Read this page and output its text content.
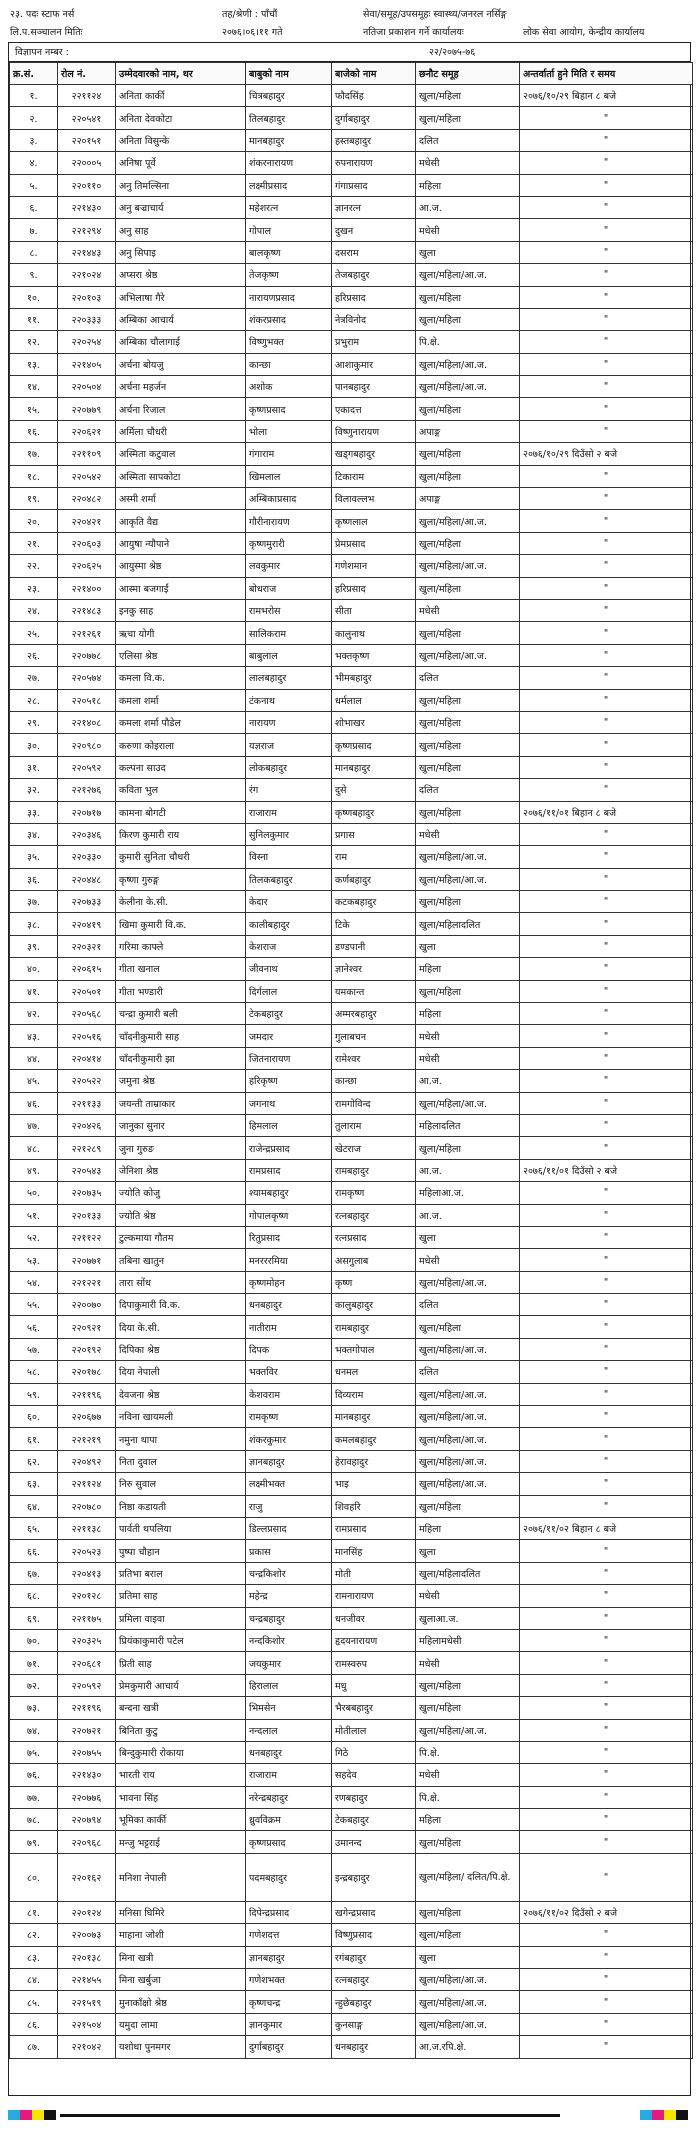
२३. पदः स्टाफ नर्स	तह/श्रेणी : पाँचौं	सेवा/समूह/उपसमूहः स्वास्थ्य/जनरल नर्सिङ्ग
लि.प.सञ्चालन मितिः	२०७६।०६।११ गते	नतिजा प्रकाशन गर्ने कार्यालयः	लोक सेवा आयोग, केन्द्रीय कार्यालय
विज्ञापन नम्बर :	२२/२०७५-७६
क्र.सं.	रोल नं.	उम्मेदवारको नाम, थर	बाबुको नाम	बाजेको नाम	छनौट समूह	अन्तर्वार्ता हुने मिति र समय
१.	२२११२४	अनिता कार्की	चित्रबहादुर	फौदसिंह	खुला/महिला	२०७६/१०/२९ बिहान ८ बजे
२.	२२०५४१	अनिता देवकोटा	तिलबहादुर	दुर्गाबहादुर	खुला/महिला	"
३.	२२०१५१	अनिता विसुन्के	मानबहादुर	हस्तबहादुर	दलित	"
४.	२२०००५	अनिषा पूर्वे	शंकरनारायण	रुपनारायण	मधेसी	"
५.	२२०११०	अनु तिमल्सिना	लक्ष्मीप्रसाद	गंगाप्रसाद	महिला	"
६.	२२१४३०	अनु बज्राचार्य	महेशरत्न	ज्ञानरत्न	आ.ज.	"
७.	२२१२९४	अनु साह	गोपाल	दुखन	मधेसी	"
८.	२२१४४३	अनु सिपाइ	बालकृष्ण	दसराम	खुला	"
९.	२२१०२४	अप्सरा श्रेष्ठ	तेजकृष्ण	तेजबहादुर	खुला/महिला/आ.ज.	"
१०.	२२०१०३	अभिलाषा गैरे	नारायणप्रसाद	हरिप्रसाद	खुला/महिला	"
११.	२२०३३३	अम्बिका आचार्य	शंकरप्रसाद	नेत्रविनोद	खुला/महिला	"
१२.	२२०२५४	अम्बिका चौलागाई	विष्णुभक्त	प्रभुराम	पि.क्षे.	"
१३.	२२१४०५	अर्चना बोयजु	कान्छा	आशाकुमार	खुला/महिला/आ.ज.	"
१४.	२२०५०४	अर्चना महर्जन	अशोक	पानबहादुर	खुला/महिला/आ.ज.	"
१५.	२२०७७९	अर्चना रिजाल	कृष्णप्रसाद	एकादत्त	खुला/महिला	"
१६.	२२०६२१	अर्मिला चौधरी	भोला	विष्णुनारायण	अपाङ्ग	"
१७.	२२११०९	अस्मिता कटुवाल	गंगाराम	खड्गबहादुर	खुला/महिला	२०७६/१०/२९ दिउँसो २ बजे
१८.	२२०५४२	अस्मिता सापकोटा	खिमलाल	टिकाराम	खुला/महिला	"
१९.	२२०४८२	अस्मी शर्मा	अम्बिकाप्रसाद	विलावल्लभ	अपाङ्ग	"
२०.	२२०४२१	आकृति वैद्य	गौरीनारायण	कृष्णलाल	खुला/महिला/आ.ज.	"
२१.	२२०६०३	आयुषा न्यौपाने	कृष्णमुरारी	प्रेमप्रसाद	खुला/महिला	"
२२.	२२०६२५	आयुस्मा श्रेष्ठ	लवकुमार	गणेशमान	खुला/महिला/आ.ज.	"
२३.	२२१४००	आस्मा बजगाईं	बोधराज	हरिप्रसाद	खुला/महिला	"
२४.	२२१४८३	इनकु साह	रामभरोस	सीता	मधेसी	"
२५.	२२१२६१	ऋचा योगी	सालिकराम	कालुनाथ	खुला/महिला	"
२६.	२२०७७८	एलिसा श्रेष्ठ	बाबुलाल	भक्तकृष्ण	खुला/महिला/आ.ज.	"
२७.	२२०५७४	कमला वि.क.	लालबहादुर	भीमबहादुर	दलित	"
२८.	२२०५१८	कमला शर्मा	टंकनाथ	धर्मलाल	खुला/महिला	"
२९.	२२१४०८	कमला शर्मा पौडेल	नारायण	शोभाखर	खुला/महिला	"
३०.	२२०९८०	करुणा कोइराला	यज्ञराज	कृष्णप्रसाद	खुला/महिला	"
३१.	२२०५९२	कल्पना साउद	लोकबहादुर	मानबहादुर	खुला/महिला	"
३२.	२२१२७६	कविता भुल	रंग	दुसे	दलित	"
३३.	२२०७१७	कामना बोगटी	राजाराम	कृष्णबहादुर	खुला/महिला	२०७६/११/०१ बिहान ८ बजे
३४.	२२०३४६	किरण कुमारी राय	सुनिलकुमार	प्रगास	मधेसी	"
३५.	२२०३३०	कुमारी सुनिता चौधरी	विस्ना	राम	खुला/महिला/आ.ज.	"
३६.	२२०४४८	कृष्णा गुरुङ्ग	तिलकबहादुर	कर्णबहादुर	खुला/महिला/आ.ज.	"
३७.	२२०७३३	केलीना के.सी.	केदार	कटकबहादुर	खुला/महिला	"
३८.	२२०४१९	खिमा कुमारी वि.क.	कालीबहादुर	टिके	खुला/महिलादलित	"
३९.	२२०३२१	गरिमा काफ्ले	केशराज	डण्डपानी	खुला	"
४०.	२२०६१५	गीता खनाल	जीवनाथ	ज्ञानेश्वर	महिला	"
४१.	२२०५०१	गीता भण्डारी	दिर्गलाल	यमकान्त	खुला/महिला	"
४२.	२२०५६८	चन्द्रा कुमारी बली	टेकबहादुर	अम्मरबहादुर	महिला	"
४३.	२२०५१६	चाँदनीकुमारी साह	जमदार	गुलाबचन	मधेसी	"
४४.	२२०४१४	चाँदनीकुमारी झा	जितनारायण	रामेश्वर	मधेसी	"
४५.	२२०५२२	जमुना श्रेष्ठ	हरिकृष्ण	कान्छा	आ.ज.	"
४६.	२२११३३	जयन्ती ताम्राकार	जगनाथ	रामगोविन्द	खुला/महिला/आ.ज.	"
४७.	२२०४२६	जानुका सुनार	हिमलाल	तुलाराम	महिलादलित	"
४८.	२२१२८९	जुना गुरुङ	राजेन्द्रप्रसाद	खेटराज	खुला/महिला	"
४९.	२२०५४३	जेनिशा श्रेष्ठ	रामप्रसाद	रामबहादुर	आ.ज.	२०७६/११/०१ दिउँसो २ बजे
५०.	२२०७३५	ज्योति कोजु	श्यामबहादुर	रामकृष्ण	महिलाआ.ज.	"
५१.	२२०१३३	ज्योति श्रेष्ठ	गोपालकृष्ण	रत्नबहादुर	आ.ज.	"
५२.	२२११२२	टुल्कमाया गौतम	रितुप्रसाद	रत्नप्रसाद	खुला	"
५३.	२२०७७१	तबिना खातुन	मनरररमिया	असगुलाब	मधेसी	"
५४.	२२१२२१	तारा सोंध	कृष्णमोहन	कृष्ण	खुला/महिला/आ.ज.	"
५५.	२२००७०	दिपाकुमारी वि.क.	धनबहादुर	कालुबहादुर	दलित	"
५६.	२२०९२१	दिया के.सी.	नातीराम	रामबहादुर	खुला/महिला	"
५७.	२२०१९२	दिपिका श्रेष्ठ	दिपक	भक्तगोपाल	खुला/महिला/आ.ज.	"
५८.	२२०१७८	दिया नेपाली	भक्तविर	धनमल	दलित	"
५९.	२२११९६	देवजना श्रेष्ठ	केशवराम	दिव्यराम	खुला/महिला/आ.ज.	"
६०.	२२०६७७	नविना खायमली	रामकृष्ण	मानबहादुर	खुला/महिला/आ.ज.	"
६१.	२२१२१९	नमुना थापा	शंकरकुमार	कमलबहादुर	खुला/महिला/आ.ज.	"
६२.	२२०४९२	निता दुवाल	ज्ञानबहादुर	हेरावहादुर	खुला/महिला/आ.ज.	"
६३.	२२११२४	निरु सुवाल	लक्ष्मीभक्त	भाइ	खुला/महिला/आ.ज.	"
६४.	२२०७८०	निष्ठा कडायती	राजु	शिवहरि	खुला/महिला	"
६५.	२२११३८	पार्वती थपलिया	डिल्लप्रसाद	रामप्रसाद	महिला	२०७६/११/०२ बिहान ८ बजे
६६.	२२०५२३	पुष्पा चौहान	प्रकास	मानसिंह	खुला	"
६७.	२२०४१३	प्रतिभा बराल	चन्द्रकिशोर	मोती	खुला/महिलादलित	"
६८.	२२०१२८	प्रतिमा साह	महेन्द्र	रामनारायण	मधेसी	"
६९.	२२११७५	प्रमिला वाइवा	चन्द्रबहादुर	धनजीवर	खुलाआ.ज.	"
७०.	२२०३२५	प्रियंकाकुमारी पटेल	नन्दकिशोर	हृदयनारायण	महिलामधेसी	"
७१.	२२०६८१	प्रिती साह	जयकुमार	रामस्वरुप	मधेसी	"
७२.	२२०५९२	प्रेमकुमारी आचार्य	हिरालाल	मधु	खुला/महिला	"
७३.	२२११९६	बन्दना खत्री	भिमसेन	भैरबबहादुर	खुला/महिला	"
७४.	२२०७२१	बिनिता कुटु	नन्दलाल	मोतीलाल	खुला/महिला/आ.ज.	"
७५.	२२०७५५	बिन्दुकुमारी रोकाया	धनबहादुर	गिठे	पि.क्षे.	"
७६.	२२१४३०	भारती राय	राजाराम	सहदेव	मधेसी	"
७७.	२२०७७६	भावना सिंह	नरेन्द्रबहादुर	रणबहादुर	पि.क्षे.	"
७८.	२२०७९४	भूमिका कार्की	ध्रुवविक्रम	टेकबहादुर	महिला	"
७९.	२२०९६८	मन्जु भट्टराई	कृष्णप्रसाद	उमानन्द	खुला/महिला	"
८०.	२२०१६२	मनिशा नेपाली	पदमबहादुर	इन्द्रबहादुर	खुला/महिला/ दलित/पि.क्षे.	"
८१.	२२०१२४	मनिसा घिमिरे	दिपेन्द्रप्रसाद	खगेन्द्रप्रसाद	खुला/महिला	२०७६/११/०२ दिउँसो २ बजे
८२.	२२००७३	माहाना जोशी	गणेशदत्त	विष्णुप्रसाद	खुला/महिला	"
८३.	२२०१३८	मिना खत्री	ज्ञानबहादुर	रगंबहादुर	खुला	"
८४.	२२१४५५	मिना खर्बुजा	गणेशभक्त	रत्नबहादुर	खुला/महिला/आ.ज.	"
८५.	२२१५१९	मुनाकाँक्षो श्रेष्ठ	कृष्णचन्द्र	न्हुछेबहादुर	खुला/महिला/आ.ज.	"
८६.	२२१५०४	यमुदा लामा	ज्ञानकुमार	कुनसाङ्ग	खुला/महिला/आ.ज.	"
८७.	२२१०४२	यशोधा पुनमगर	दुर्गाबहादुर	धनबहादुर	आ.ज.रपि.क्षे.	"
